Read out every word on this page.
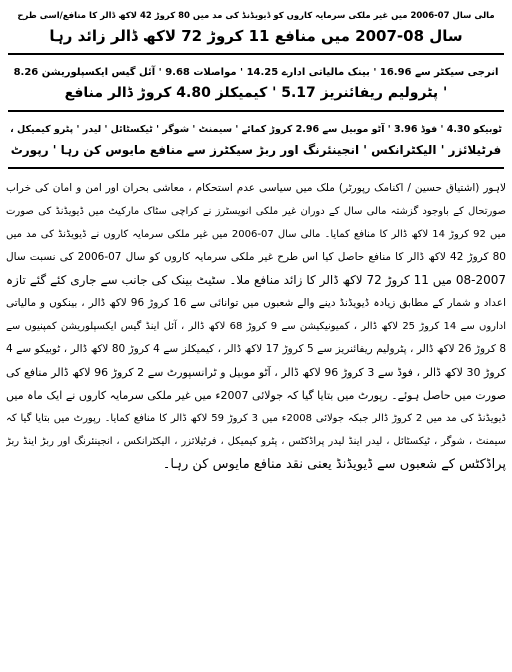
مالی سال 07-2006 میں غیر ملکی سرمایہ کاروں کو ڈیویڈنڈ کی مد میں 80 کروڑ 42 لاکھ ڈالر کا منافع/اسی طرح
سال 08-2007 میں منافع 11 کروڑ 72 لاکھ ڈالر زائد رہا
انرجی سیکٹر سے 16.96 ' بینک مالیاتی ادارے 14.25 ' مواصلات 9.68 ' آئل گیس ایکسپلوریشن 8.26
' پٹرولیم ریفائنریز 5.17 ' کیمیکلز 4.80 کروڑ ڈالر منافع
ٹوبیکو 4.30 ' فوڈ 3.96 ' آٹو موبیل سے 2.96 کروڑ کمائے ' سیمنٹ ' شوگر ' ٹیکسٹائل ' لیدر ' پٹرو کیمیکل ،
فرٹیلائزر ' الیکٹرانکس ' انجینئرنگ اور ربڑ سیکٹرز سے منافع مایوس کن رہا ' رپورٹ
لاہور (اشتیاق حسین / اکنامک رپورٹر) ملک میں سیاسی عدم استحکام ، معاشی بحران اور امن و امان کی خراب
صورتحال کے باوجود گزشتہ مالی سال کے دوران غیر ملکی انویسٹرز نے کراچی سٹاک مارکیٹ میں ڈیویڈنڈ کی صورت
میں 92 کروڑ 14 لاکھ ڈالر کا منافع کمایا۔ مالی سال 07-2006 میں غیر ملکی سرمایہ کاروں نے ڈیویڈنڈ کی مد میں
80 کروڑ 42 لاکھ ڈالر کا منافع حاصل کیا اس طرح غیر ملکی سرمایہ کاروں کو سال 07-2006 کی نسبت سال
08-2007 میں 11 کروڑ 72 لاکھ ڈالر کا زائد منافع ملا۔ سٹیٹ بینک کی جانب سے جاری کئے گئے تازہ
اعداد و شمار کے مطابق زیادہ ڈیویڈنڈ دینے والے شعبوں میں توانائی سے 16 کروڑ 96 لاکھ ڈالر ، بینکوں و مالیاتی
اداروں سے 14 کروڑ 25 لاکھ ڈالر ، کمیونیکیشن سے 9 کروڑ 68 لاکھ ڈالر ، آئل اینڈ گیس ایکسپلوریشن کمپنیوں سے
8 کروڑ 26 لاکھ ڈالر ، پٹرولیم ریفائنریز سے 5 کروڑ 17 لاکھ ڈالر ، کیمیکلز سے 4 کروڑ 80 لاکھ ڈالر ، ٹوبیکو سے 4
کروڑ 30 لاکھ ڈالر ، فوڈ سے 3 کروڑ 96 لاکھ ڈالر ، آٹو موبیل و ٹرانسپورٹ سے 2 کروڑ 96 لاکھ ڈالر منافع کی
صورت میں حاصل ہوئے۔ رپورٹ میں بتایا گیا کہ جولائی 2007ء میں غیر ملکی سرمایہ کاروں نے ایک ماہ میں
ڈیویڈنڈ کی مد میں 2 کروڑ ڈالر جبکہ جولائی 2008ء میں 3 کروڑ 59 لاکھ ڈالر کا منافع کمایا۔ رپورٹ میں بتایا گیا کہ
سیمنٹ ، شوگر ، ٹیکسٹائل ، لیدر اینڈ لیدر پراڈکٹس ، پٹرو کیمیکل ، فرٹیلائزر ، الیکٹرانکس ، انجینئرنگ اور ربڑ اینڈ ربڑ
پراڈکٹس کے شعبوں سے ڈیویڈنڈ یعنی نقد منافع مایوس کن رہا۔
